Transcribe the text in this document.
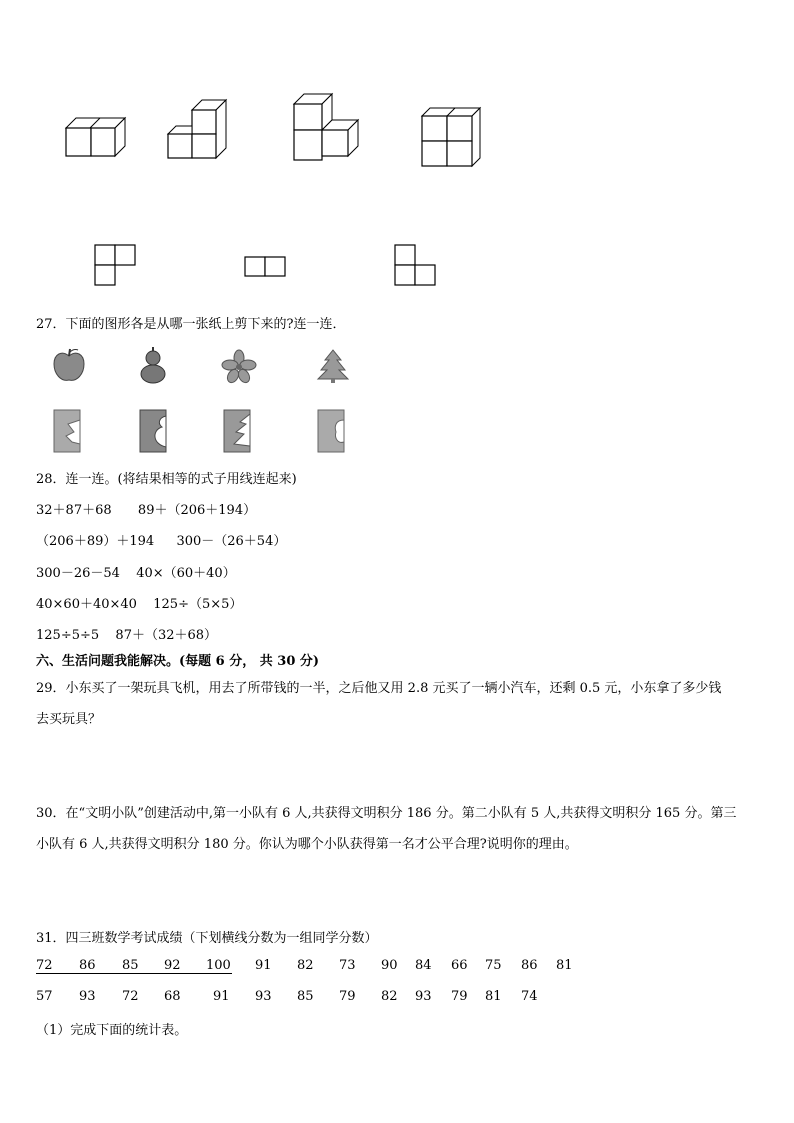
27．下面的图形各是从哪一张纸上剪下来的?连一连．
28．连一连。(将结果相等的式子用线连起来)
32＋87＋68 89＋（206＋194）
（206＋89）＋194 300－（26＋54）
300－26－54 40×（60＋40）
40×60＋40×40 125÷（5×5）
125÷5÷5 87＋（32＋68）
六、生活问题我能解决。(每题 6 分， 共 30 分)
29．小东买了一架玩具飞机，用去了所带钱的一半，之后他又用 2.8 元买了一辆小汽车，还剩 0.5 元，小东拿了多少钱
去买玩具？
30．在“文明小队”创建活动中,第一小队有 6 人,共获得文明积分 186 分。第二小队有 5 人,共获得文明积分 165 分。第三
小队有 6 人,共获得文明积分 180 分。你认为哪个小队获得第一名才公平合理?说明你的理由。
31．四三班数学考试成绩（下划横线分数为一组同学分数）
72 86 85 92 100 91 82 73 90 84 66 75 86 81
57 93 72 68 91 93 85 79 82 93 79 81 74
（1）完成下面的统计表。
